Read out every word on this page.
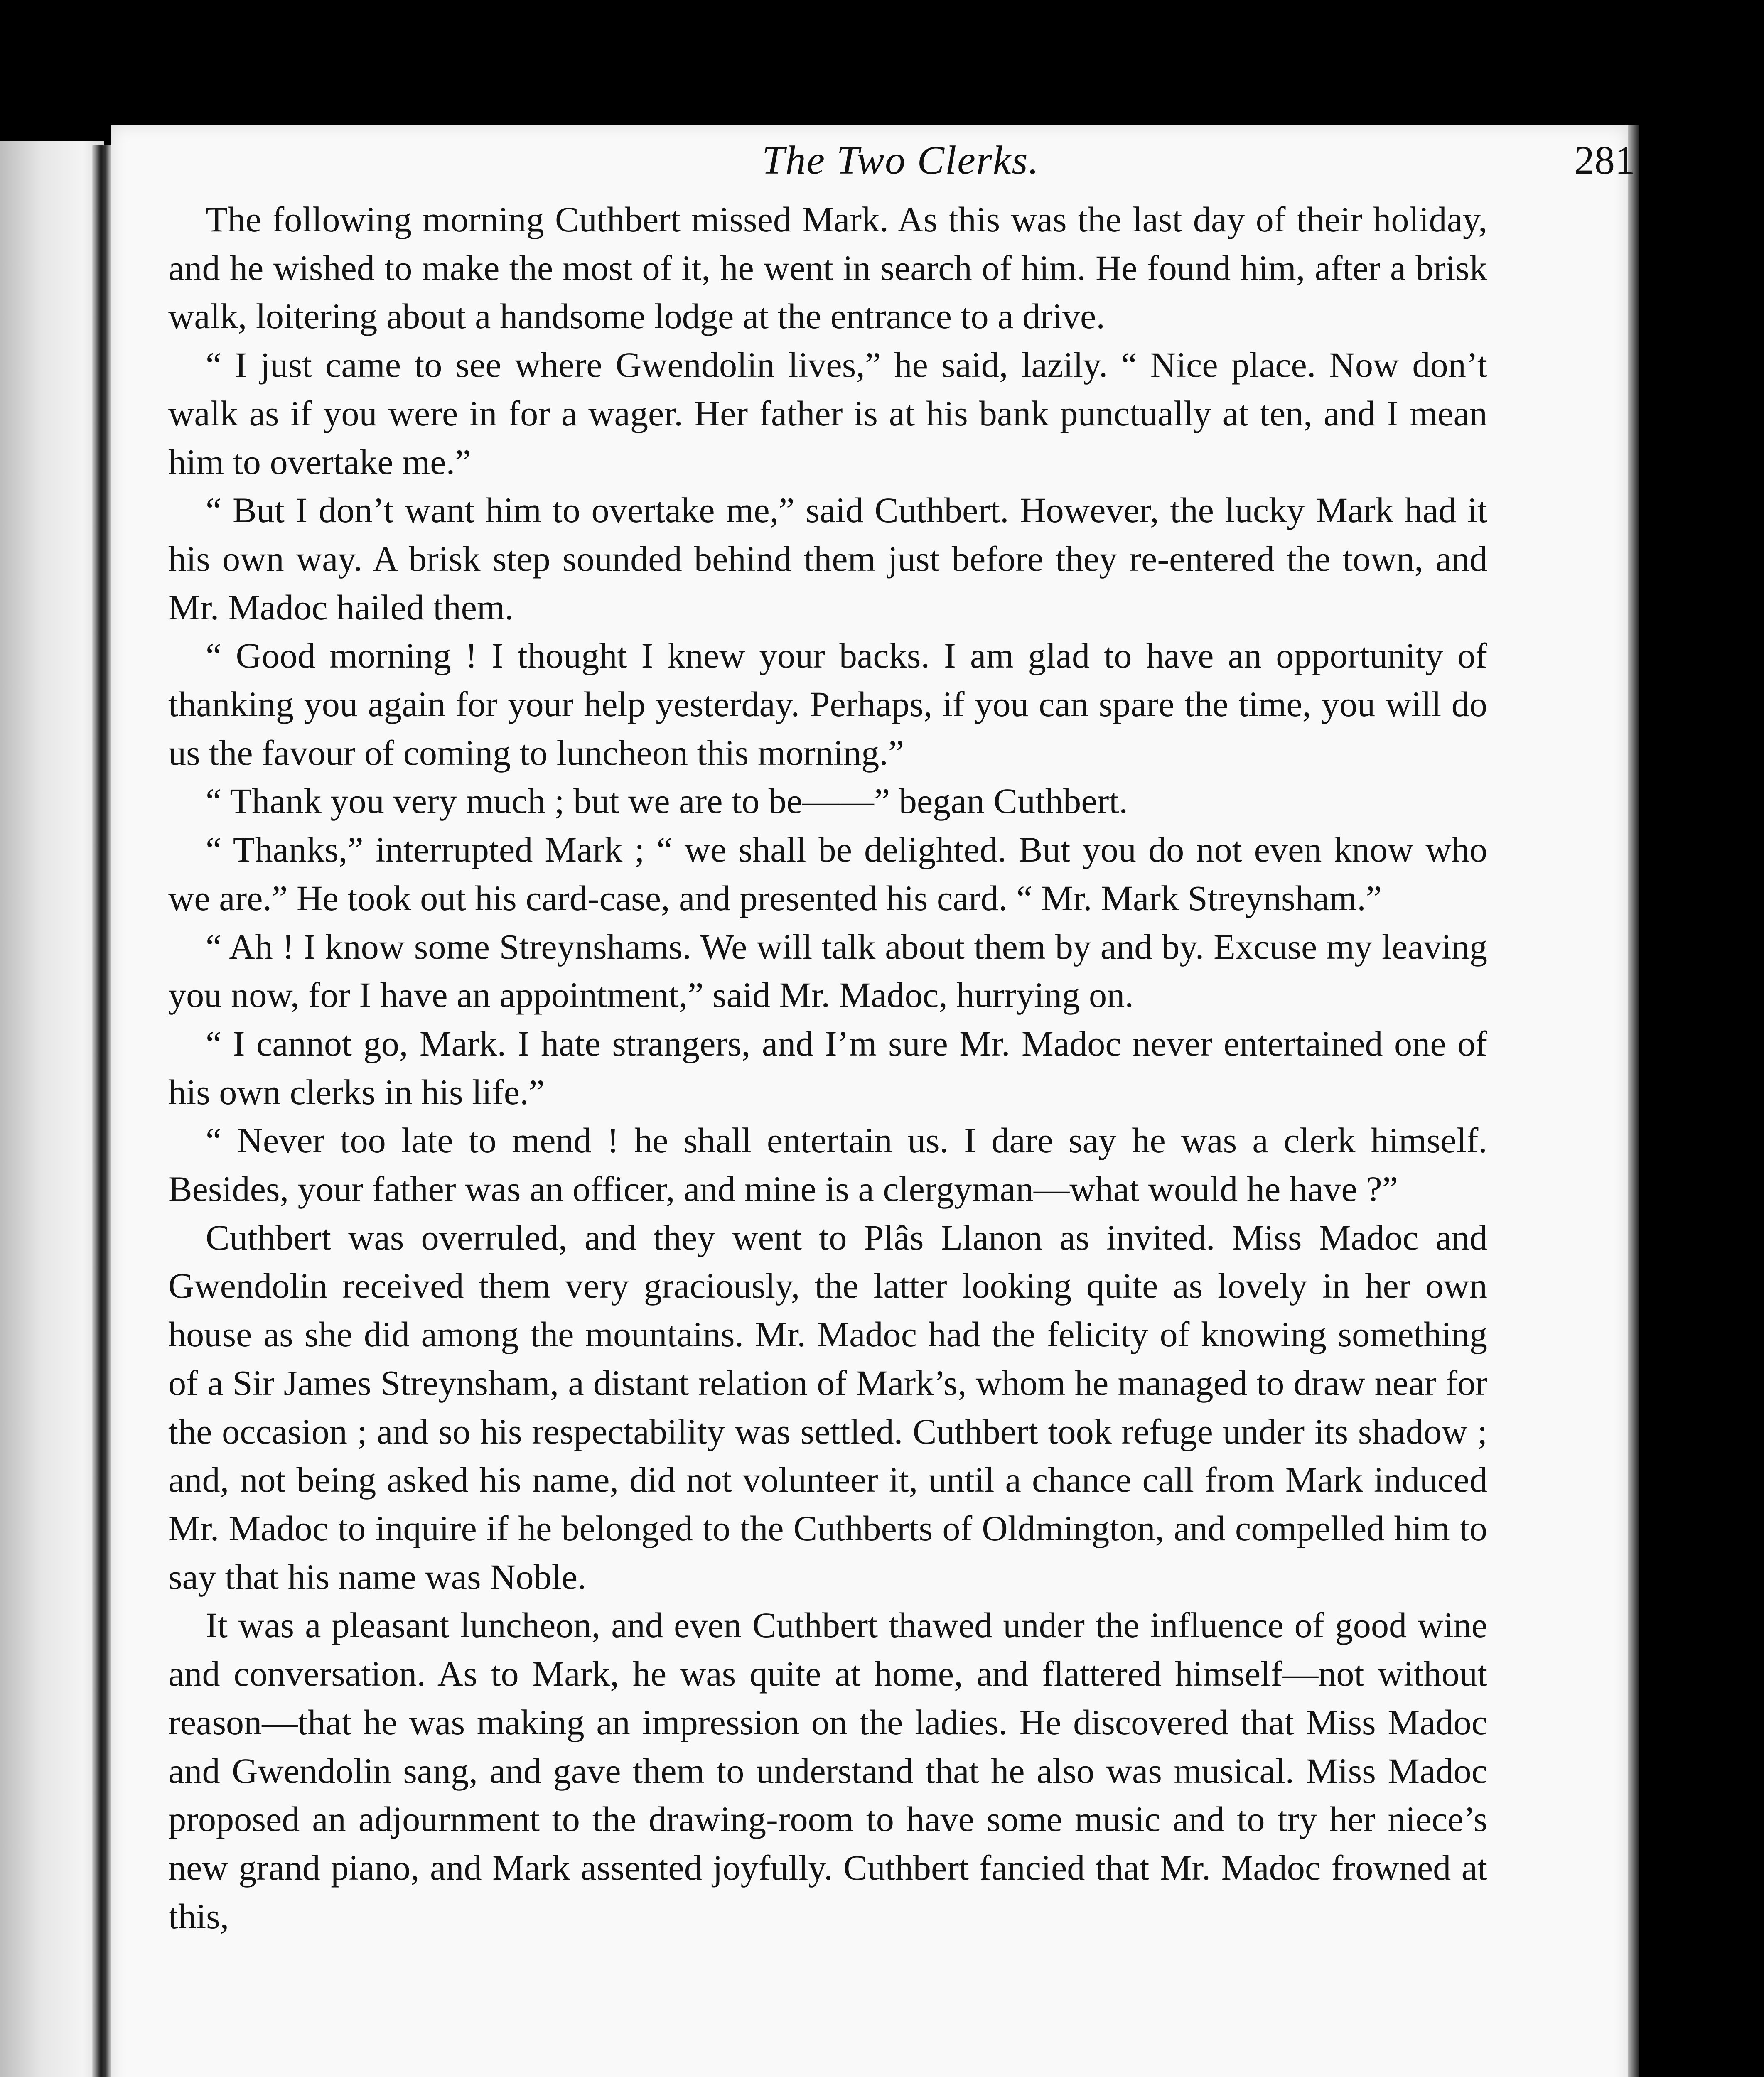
The Two Clerks.	281

The following morning Cuthbert missed Mark. As this was the last day of their holiday, and he wished to make the most of it, he went in search of him. He found him, after a brisk walk, loitering about a handsome lodge at the entrance to a drive.

“ I just came to see where Gwendolin lives,” he said, lazily. “ Nice place. Now don’t walk as if you were in for a wager. Her father is at his bank punctually at ten, and I mean him to overtake me.”

“ But I don’t want him to overtake me,” said Cuthbert. However, the lucky Mark had it his own way. A brisk step sounded behind them just before they re-entered the town, and Mr. Madoc hailed them.

“ Good morning ! I thought I knew your backs. I am glad to have an opportunity of thanking you again for your help yesterday. Perhaps, if you can spare the time, you will do us the favour of coming to luncheon this morning.”

“ Thank you very much ; but we are to be——” began Cuthbert.

“ Thanks,” interrupted Mark ; “ we shall be delighted. But you do not even know who we are.” He took out his card-case, and presented his card. “ Mr. Mark Streynsham.”

“ Ah ! I know some Streynshams. We will talk about them by and by. Excuse my leaving you now, for I have an appointment,” said Mr. Madoc, hurrying on.

“ I cannot go, Mark. I hate strangers, and I’m sure Mr. Madoc never entertained one of his own clerks in his life.”

“ Never too late to mend ! he shall entertain us. I dare say he was a clerk himself. Besides, your father was an officer, and mine is a clergyman—what would he have ?”

Cuthbert was overruled, and they went to Plâs Llanon as invited. Miss Madoc and Gwendolin received them very graciously, the latter looking quite as lovely in her own house as she did among the mountains. Mr. Madoc had the felicity of knowing something of a Sir James Streynsham, a distant relation of Mark’s, whom he managed to draw near for the occasion ; and so his respectability was settled. Cuthbert took refuge under its shadow ; and, not being asked his name, did not volunteer it, until a chance call from Mark induced Mr. Madoc to inquire if he belonged to the Cuthberts of Oldmington, and compelled him to say that his name was Noble.

It was a pleasant luncheon, and even Cuthbert thawed under the influence of good wine and conversation. As to Mark, he was quite at home, and flattered himself—not without reason—that he was making an impression on the ladies. He discovered that Miss Madoc and Gwendolin sang, and gave them to understand that he also was musical. Miss Madoc proposed an adjournment to the drawing-room to have some music and to try her niece’s new grand piano, and Mark assented joyfully. Cuthbert fancied that Mr. Madoc frowned at this,
